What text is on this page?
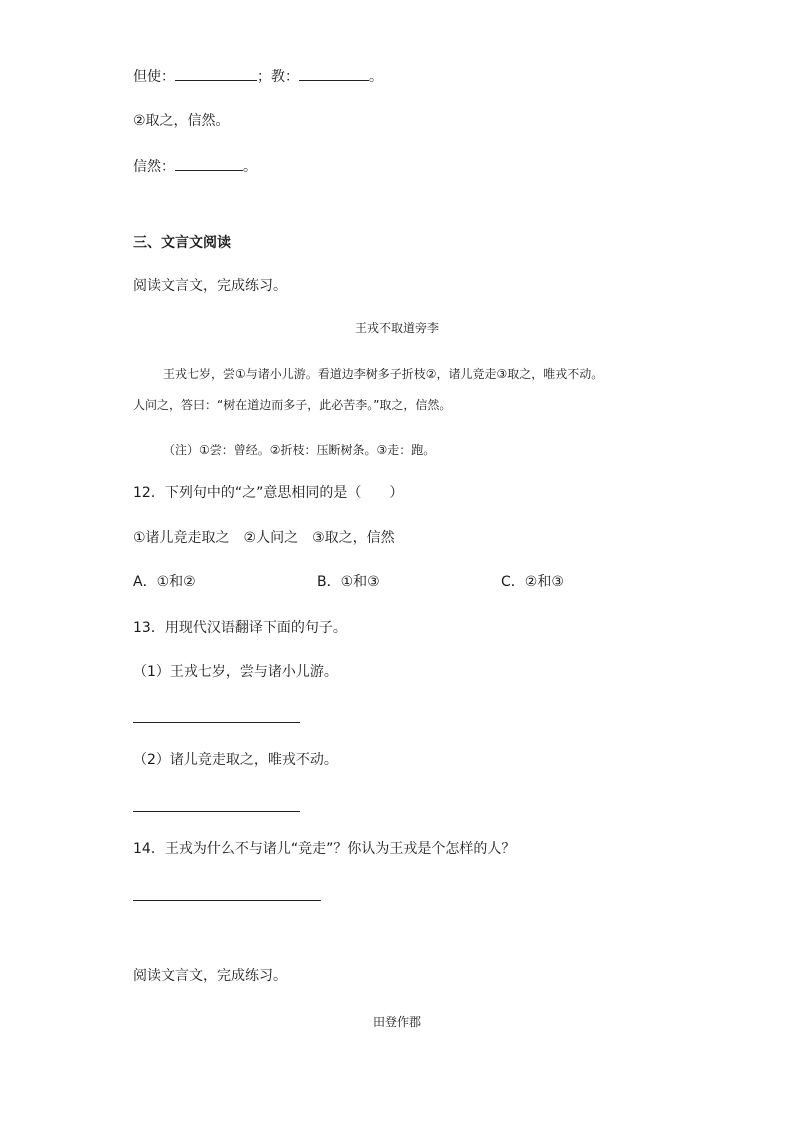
但使：	；教：	。
②取之，信然。
信然：	。
三、文言文阅读
阅读文言文，完成练习。
王戎不取道旁李
王戎七岁，尝①与诸小儿游。看道边李树多子折枝②，诸儿竞走③取之，唯戎不动。
人问之，答曰：“树在道边而多子，此必苦李。”取之，信然。
（注）①尝：曾经。②折枝：压断树条。③走：跑。
12．下列句中的“之”意思相同的是（　　）
①诸儿竞走取之　②人问之　③取之，信然
A．①和②	B．①和③	C．②和③
13．用现代汉语翻译下面的句子。
（1）王戎七岁，尝与诸小儿游。
（2）诸儿竞走取之，唯戎不动。
14．王戎为什么不与诸儿“竞走”？你认为王戎是个怎样的人？
阅读文言文，完成练习。
田登作郡
